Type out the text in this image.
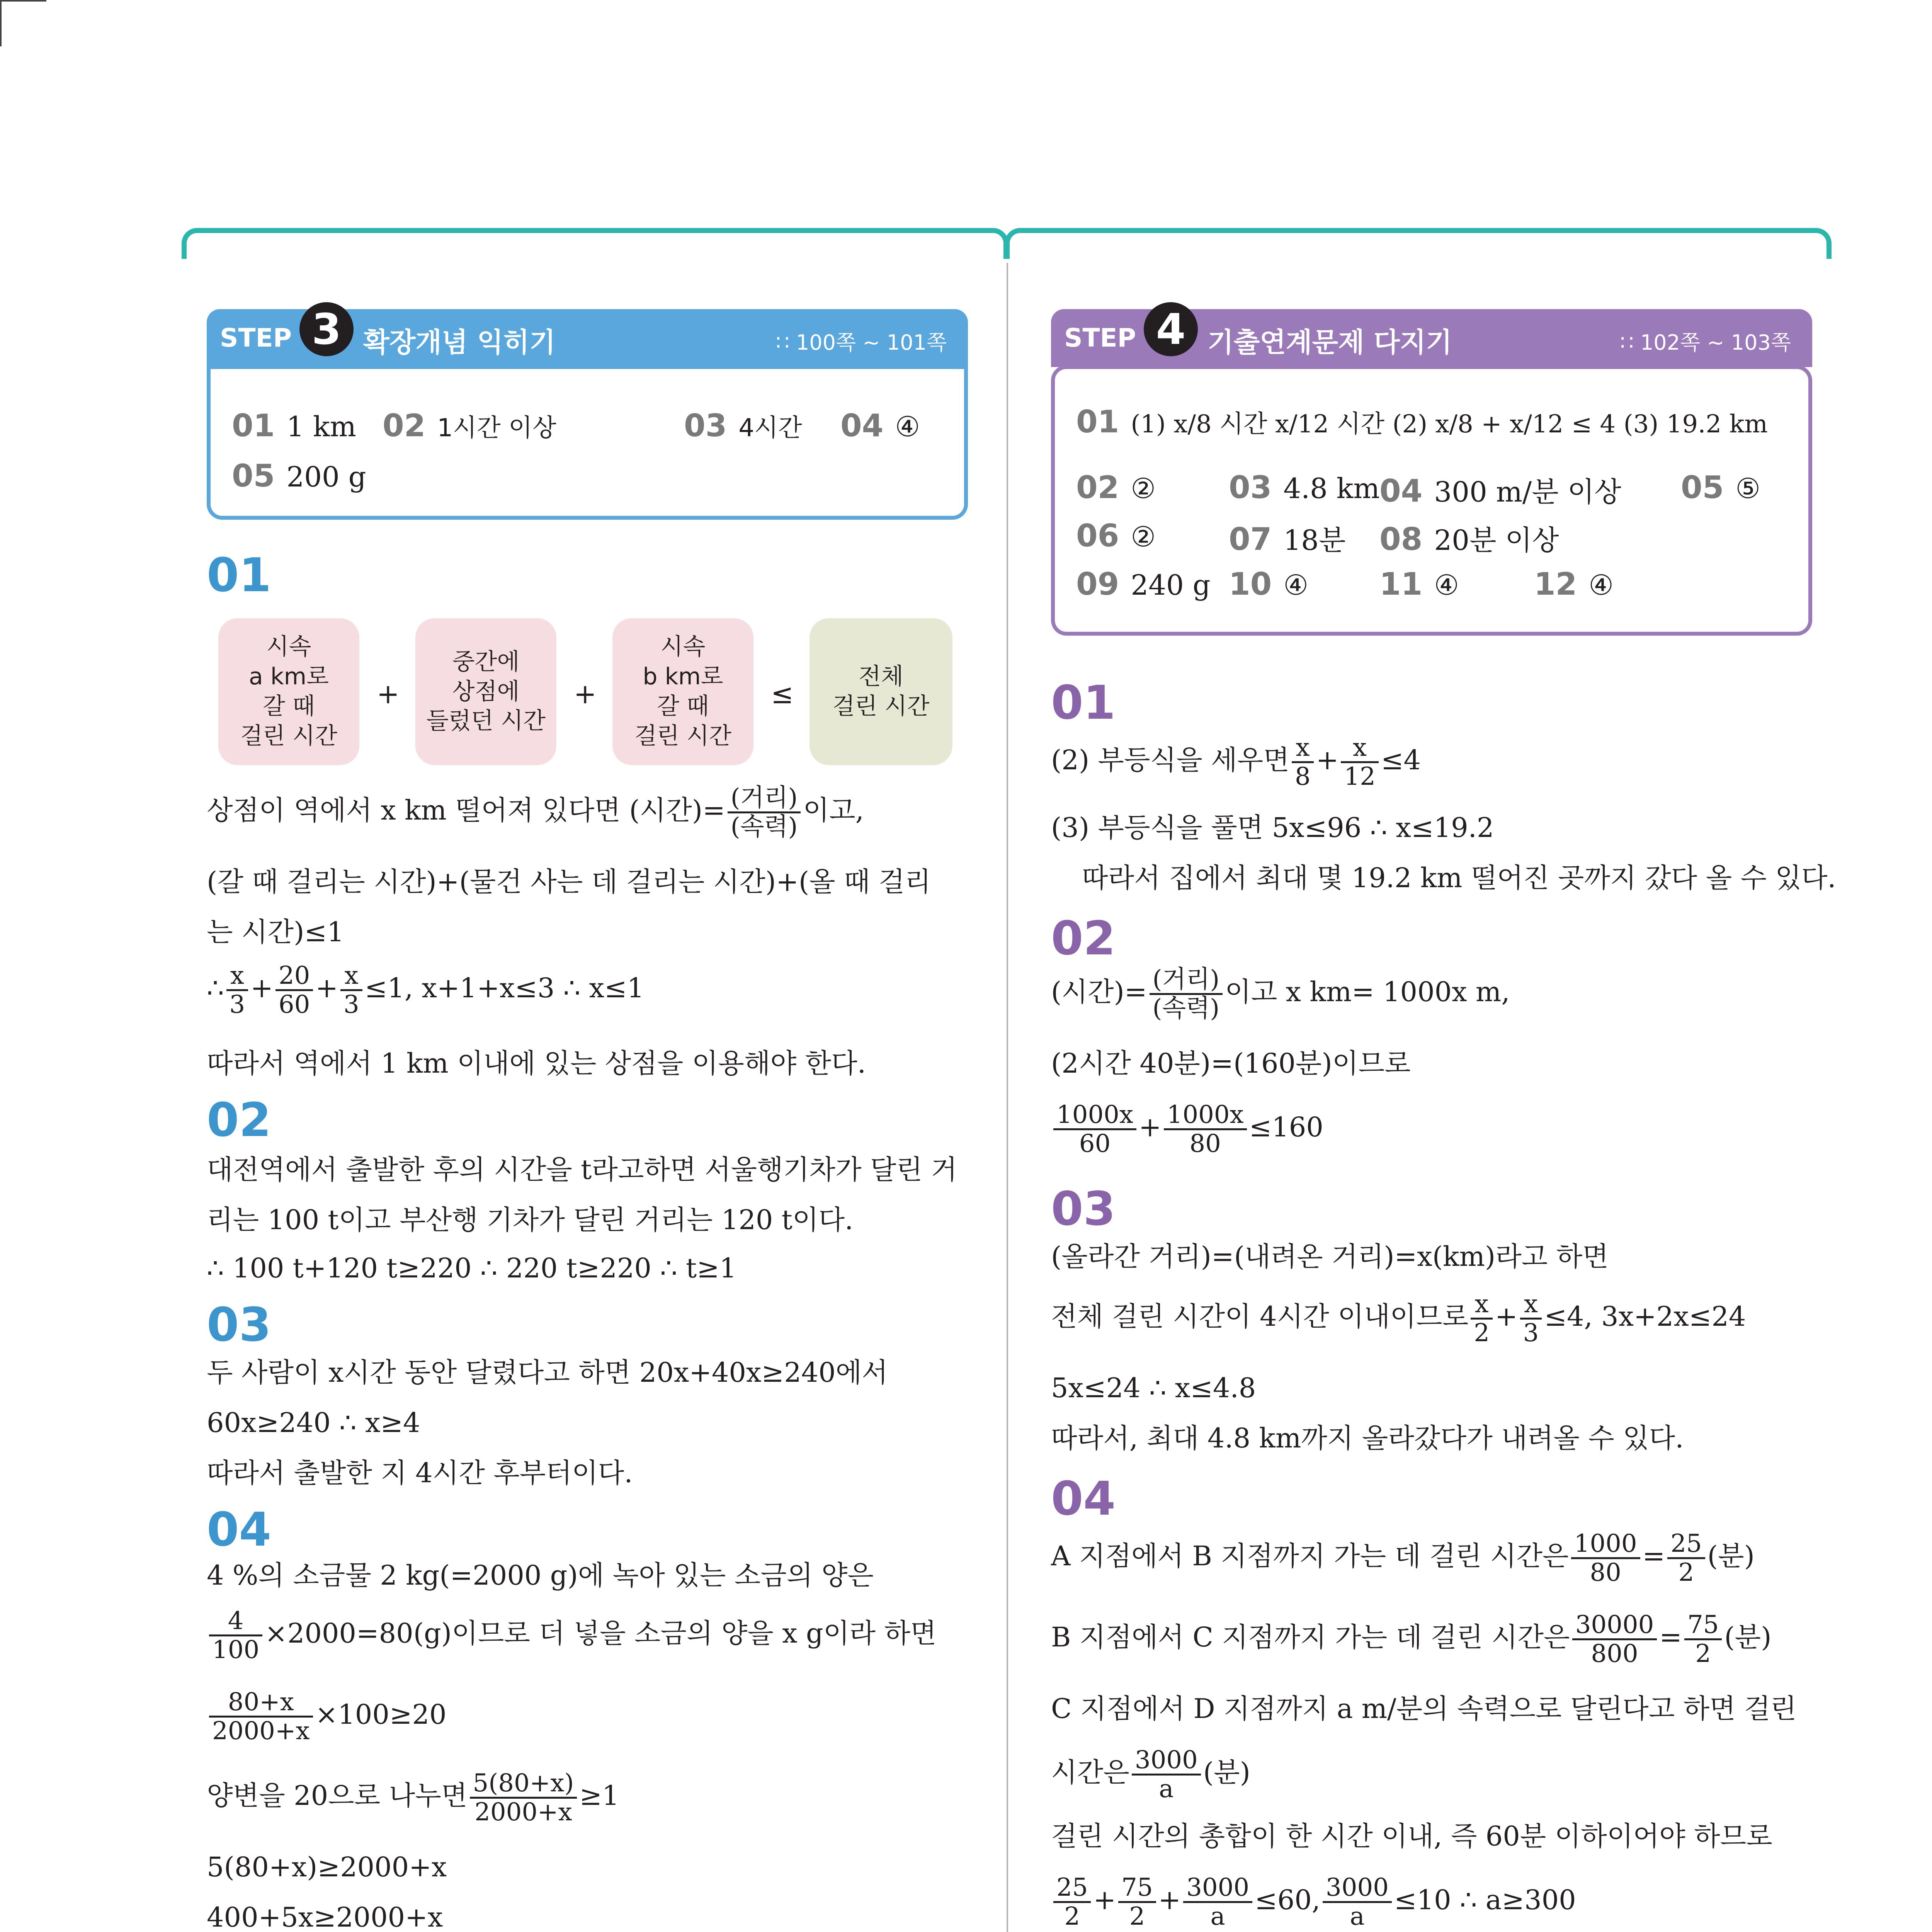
STEP 3 확장개념 익히기	∷ 100쪽 ~ 101쪽
01 1 km 02 1시간 이상	03 4시간 04 ④
05 200 g
STEP 4 기출연계문제 다지기	∷ 102쪽 ~ 103쪽
01 (1) x/8 시간 x/12 시간 (2) x/8 + x/12 ≤ 4 (3) 19.2 km
02 ② 03 4.8 km 04 300 m/분 이상 05 ⑤
06 ② 07 18분 08 20분 이상
09 240 g 10 ④ 11 ④ 12 ④
01
시속
a km로
갈 때
걸린 시간
+
중간에
상점에
들렀던 시간
+
시속
b km로
갈 때
걸린 시간
≤
전체
걸린 시간
상점이 역에서 x km 떨어져 있다면 (시간)= (거리)
(속력)
이고,
(갈 때 걸리는 시간)+(물건 사는 데 걸리는 시간)+(올 때 걸리
는 시간)≤1
∴ $\frac{x}{3} + \frac{20}{60} + \frac{x}{3} \le 1$, x+1+x≤3 ∴ x≤1
따라서 역에서 1 km 이내에 있는 상점을 이용해야 한다.
02
대전역에서 출발한 후의 시간을 t라고하면 서울행기차가 달린 거
리는 100 t이고 부산행 기차가 달린 거리는 120 t이다.
∴ 100 t+120 t≥220 ∴ 220 t≥220 ∴ t≥1
03
두 사람이 x시간 동안 달렸다고 하면 20x+40x≥240에서
60x≥240 ∴ x≥4
따라서 출발한 지 4시간 후부터이다.
04
4 %의 소금물 2 kg(=2000 g)에 녹아 있는 소금의 양은
$\frac{4}{100} \times 2000=80(g)$이므로 더 넣을 소금의 양을 x g이라 하면
$\frac{80+x}{2000+x} \times 100\ge 20$
양변을 20으로 나누면 $\frac{5(80+x)}{2000+x} \ge 1$
5(80+x)≥2000+x
400+5x≥2000+x
01
(2) 부등식을 세우면 $\frac{x}{8} + \frac{x}{12} \le 4$
(3) 부등식을 풀면 5x≤96 ∴ x≤19.2
따라서 집에서 최대 몇 19.2 km 떨어진 곳까지 갔다 올 수 있다.
02
(시간)= (거리)
(속력)
이고 x km= 1000x m,
(2시간 40분)=(160분)이므로
$\frac{1000x}{60} + \frac{1000x}{80} \le 160$
03
(올라간 거리)=(내려온 거리)=x(km)라고 하면
전체 걸린 시간이 4시간 이내이므로 $\frac{x}{2} + \frac{x}{3} \le 4$, 3x+2x≤24
5x≤24 ∴ x≤4.8
따라서, 최대 4.8 km까지 올라갔다가 내려올 수 있다.
04
A 지점에서 B 지점까지 가는 데 걸린 시간은 $\frac{1000}{80} = \frac{25}{2}$ (분)
B 지점에서 C 지점까지 가는 데 걸린 시간은 $\frac{30000}{800} = \frac{75}{2}$ (분)
C 지점에서 D 지점까지 a m/분의 속력으로 달린다고 하면 걸린
시간은 $\frac{3000}{a}$ (분)
걸린 시간의 총합이 한 시간 이내, 즉 60분 이하이어야 하므로
$\frac{25}{2} + \frac{75}{2} + \frac{3000}{a} \le 60$, $\frac{3000}{a} \le 10$ ∴ a≥300
